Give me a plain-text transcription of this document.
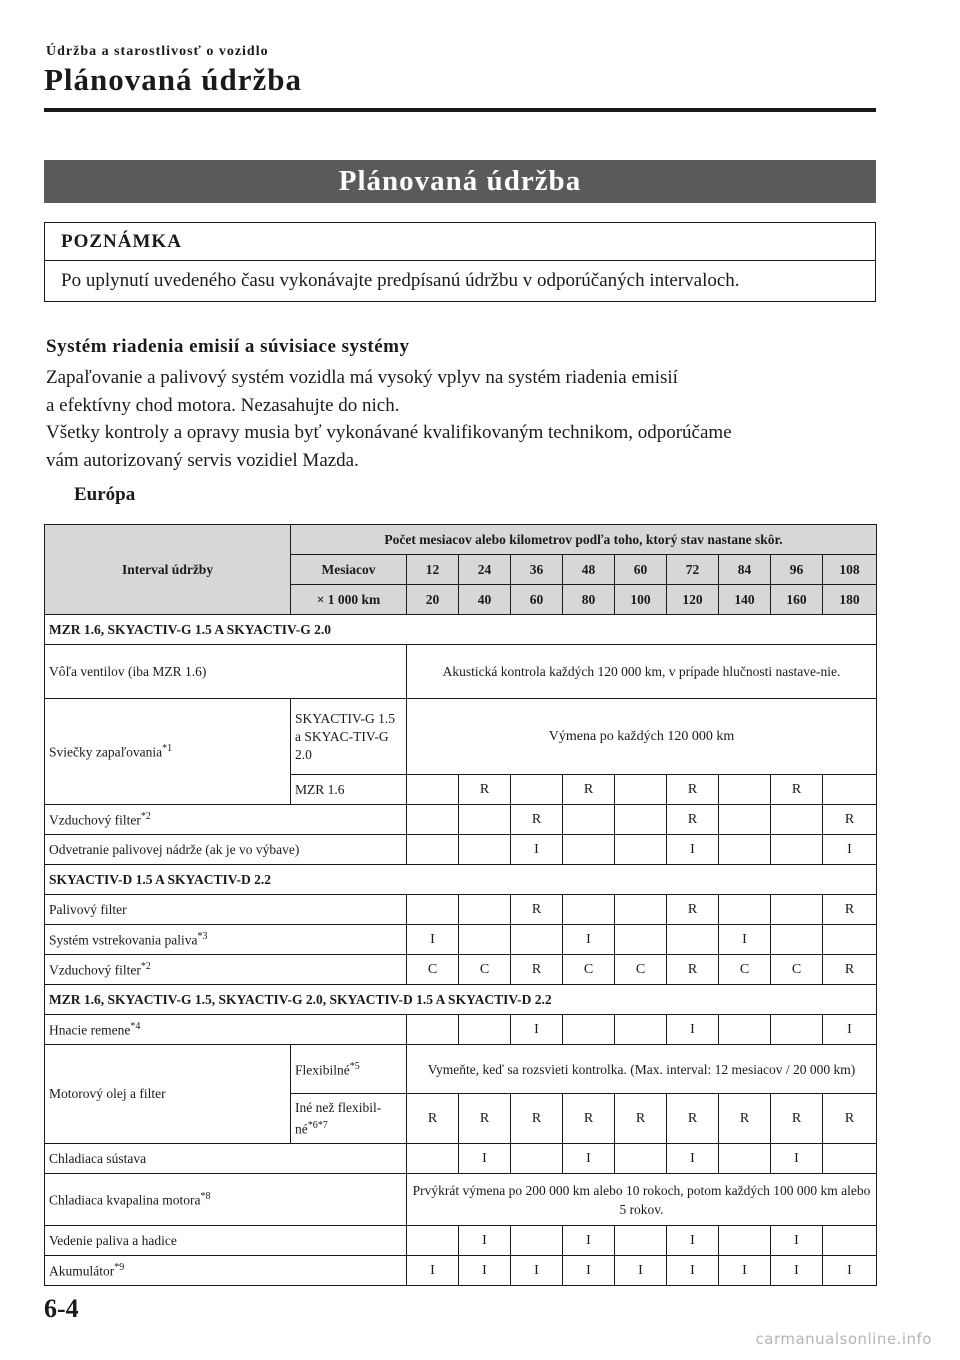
Údržba a starostlivosť o vozidlo
Plánovaná údržba
Plánovaná údržba
POZNÁMKA
Po uplynutí uvedeného času vykonávajte predpísanú údržbu v odporúčaných intervaloch.
Systém riadenia emisií a súvisiace systémy
Zapaľovanie a palivový systém vozidla má vysoký vplyv na systém riadenia emisií
a efektívny chod motora. Nezasahujte do nich.
Všetky kontroly a opravy musia byť vykonávané kvalifikovaným technikom, odporúčame
vám autorizovaný servis vozidiel Mazda.
Európa
Interval údržby	Počet mesiacov alebo kilometrov podľa toho, ktorý stav nastane skôr.									
	Mesiacov	12	24	36	48	60	72	84	96	108
	× 1 000 km	20	40	60	80	100	120	140	160	180
MZR 1.6, SKYACTIV-G 1.5 A SKYACTIV-G 2.0										
Vôľa ventilov (iba MZR 1.6)		Akustická kontrola každých 120 000 km, v prípade hlučnosti nastave-nie.								
Sviečky zapaľovania$^{*1}$	SKYACTIV-G 1.5 a SKYAC-TIV-G 2.0	Výmena po každých 120 000 km								
	MZR 1.6		R		R		R		R	
Vzduchový filter$^{*2}$				R			R			R
Odvetranie palivovej nádrže (ak je vo výbave)				I			I			I
SKYACTIV-D 1.5 A SKYACTIV-D 2.2										
Palivový filter				R			R			R
Systém vstrekovania paliva$^{*3}$		I			I			I		
Vzduchový filter$^{*2}$		C	C	R	C	C	R	C	C	R
MZR 1.6, SKYACTIV-G 1.5, SKYACTIV-G 2.0, SKYACTIV-D 1.5 A SKYACTIV-D 2.2										
Hnacie remene$^{*4}$				I			I			I
Motorový olej a filter	Flexibilné$^{*5}$	Vymeňte, keď sa rozsvieti kontrolka. (Max. interval: 12 mesiacov / 20 000 km)								
	Iné než flexibil-$né^{*6*7}$	R	R	R	R	R	R	R	R	R
Chladiaca sústava			I		I		I		I	
Chladiaca kvapalina motora$^{*8}$		Prvýkrát výmena po 200 000 km alebo 10 rokoch, potom každých 100 000 km alebo 5 rokov.								
Vedenie paliva a hadice			I		I		I		I	
Akumulátor$^{*9}$		I	I	I	I	I	I	I	I	I
6-4
carmanualsonline.info
